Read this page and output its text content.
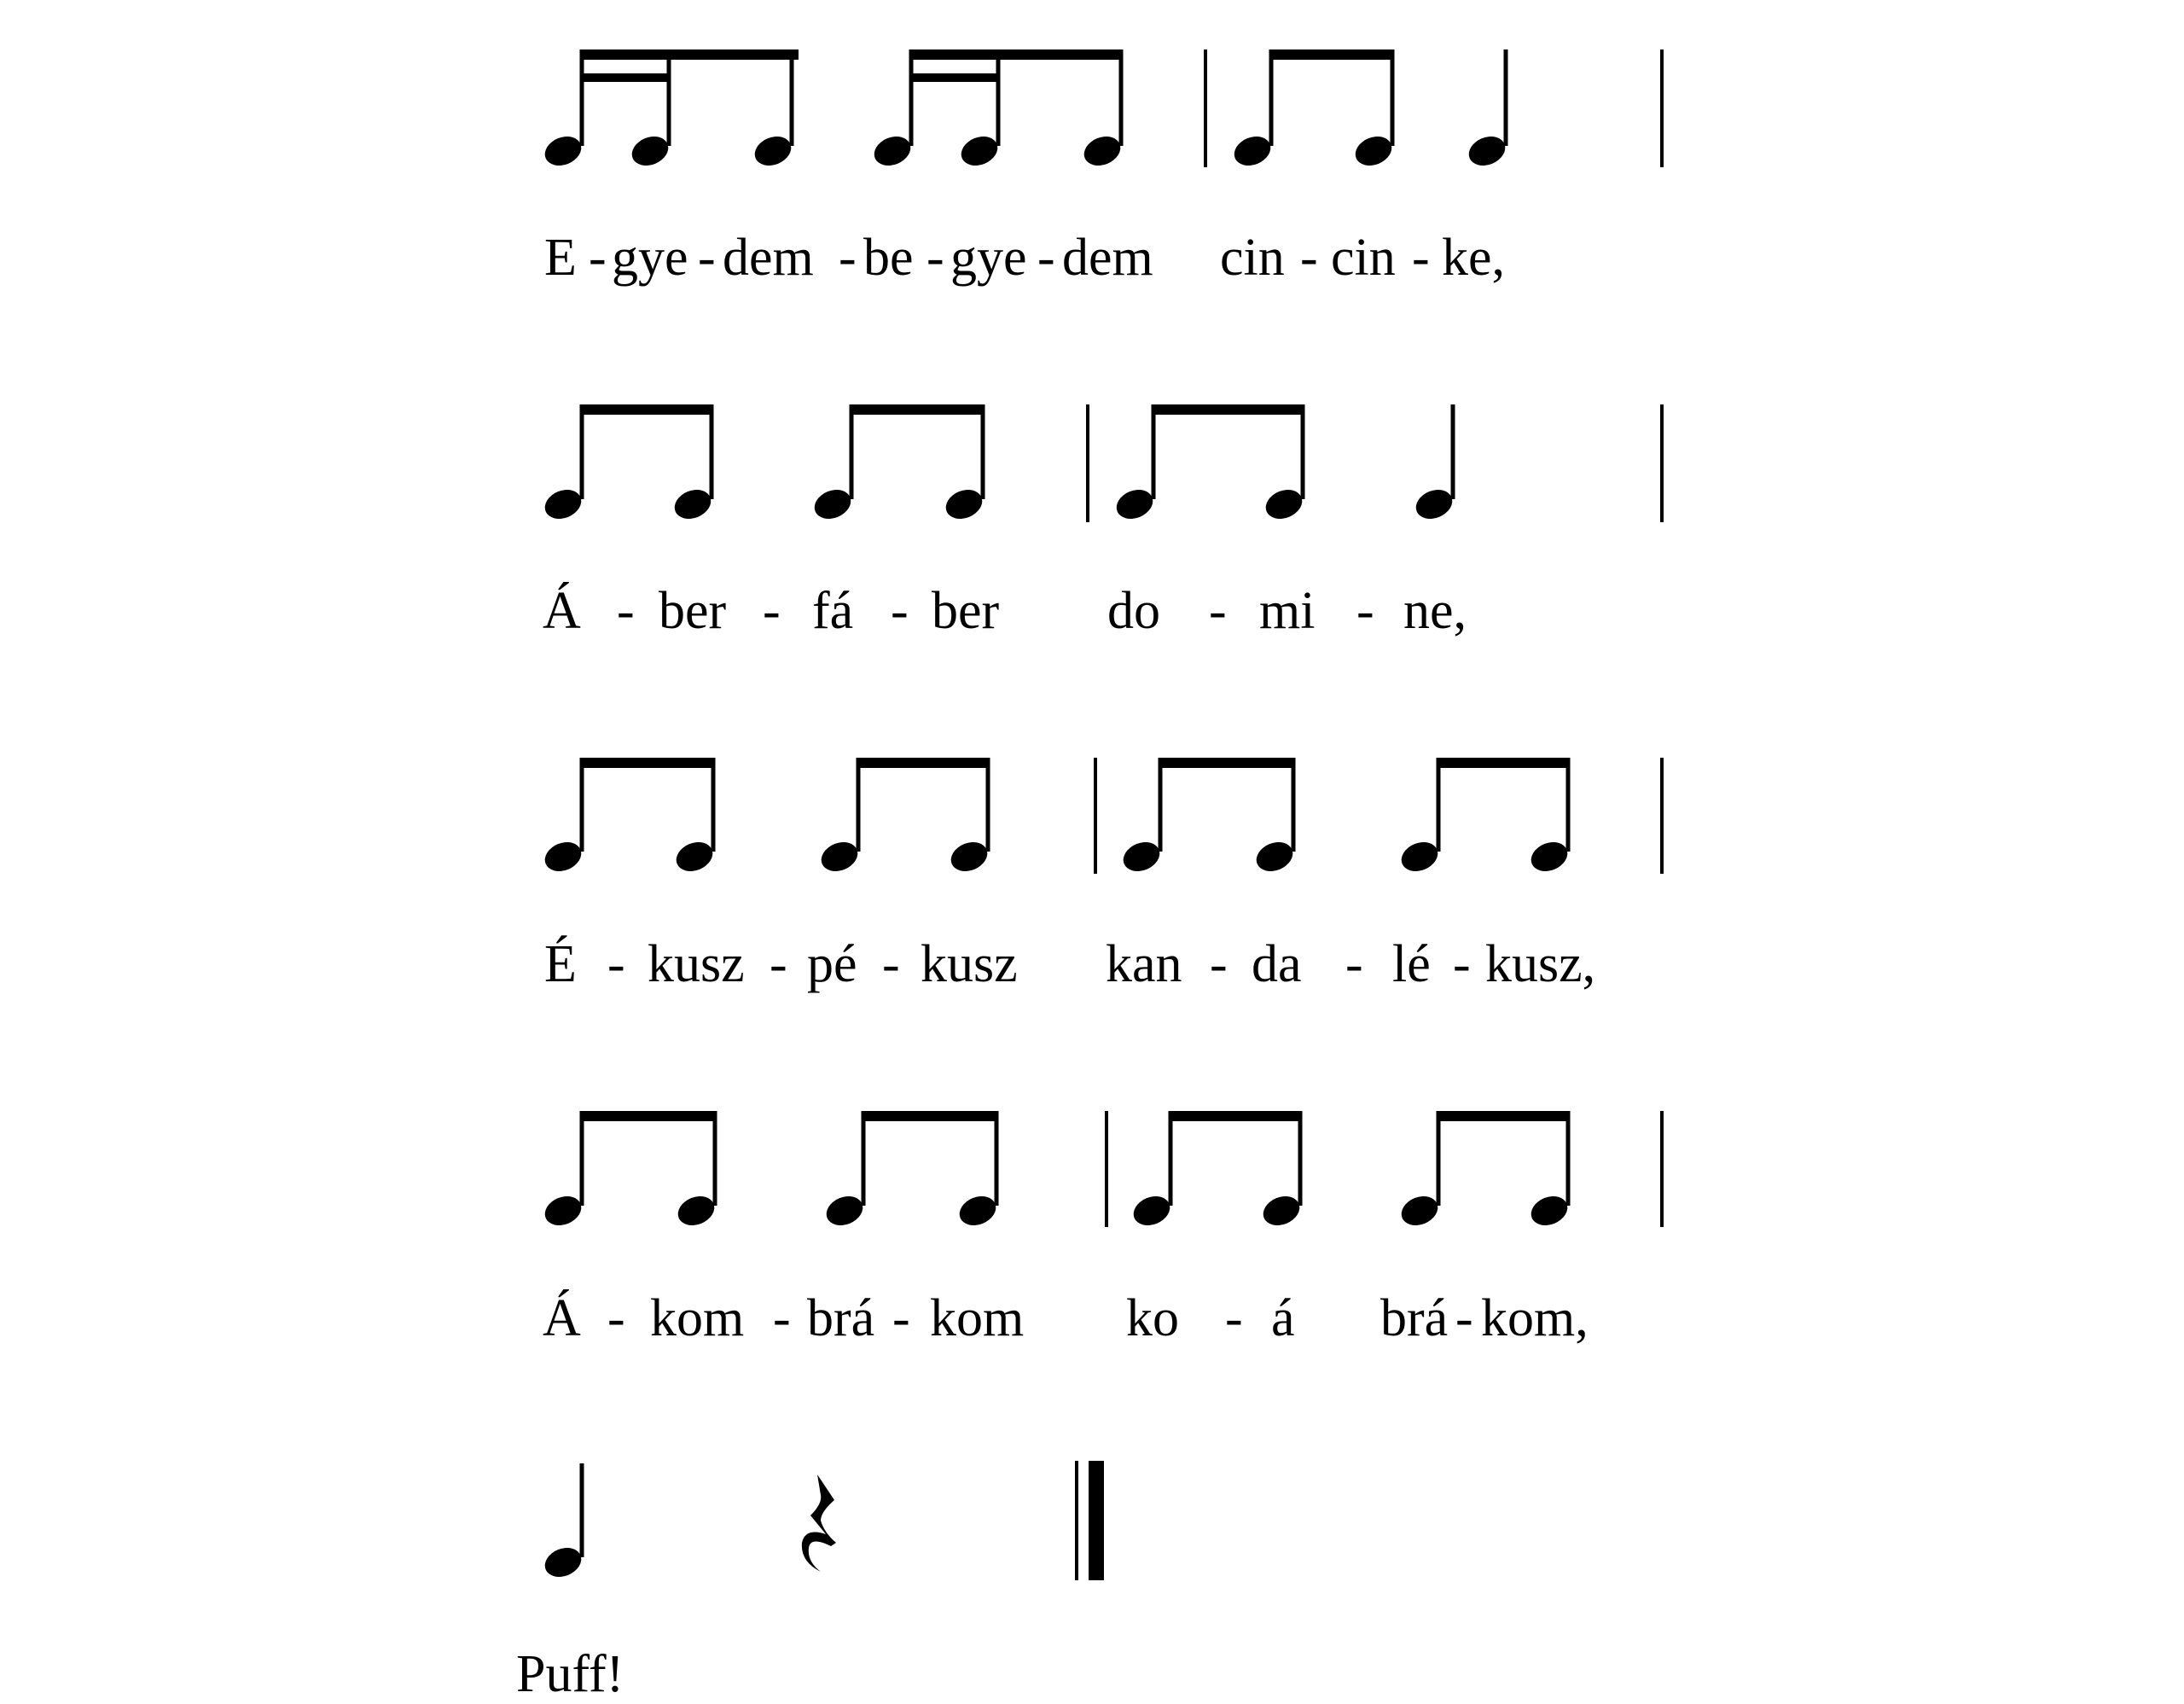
E - gye - dem - be - gye - dem cin - cin - ke,
Á - ber - fá - ber do - mi - ne,
É - kusz - pé - kusz kan - da - lé - kusz,
Á - kom - brá - kom ko - á brá - kom,
Puff!
